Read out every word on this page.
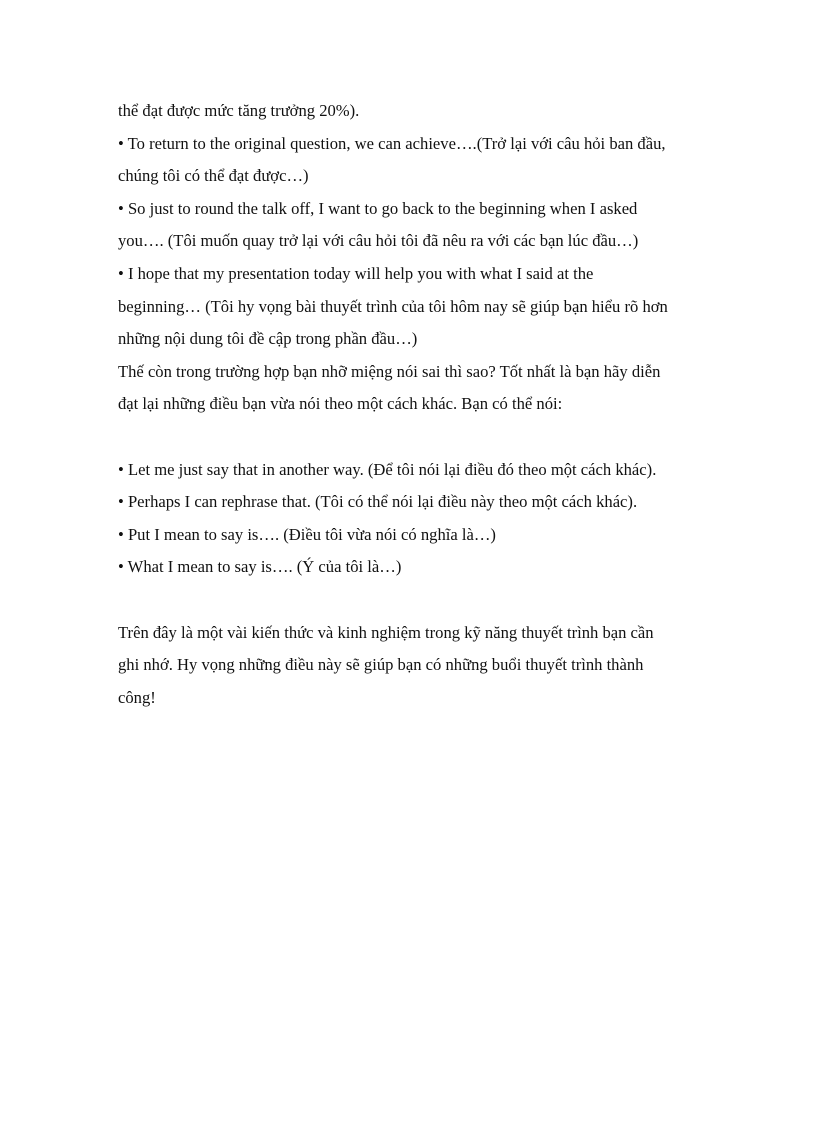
thể đạt được mức tăng trưởng 20%).
• To return to the original question, we can achieve….(Trở lại với câu hỏi ban đầu,
chúng tôi có thể đạt được…)
• So just to round the talk off, I want to go back to the beginning when I asked
you…. (Tôi muốn quay trở lại với câu hỏi tôi đã nêu ra với các bạn lúc đầu…)
• I hope that my presentation today will help you with what I said at the
beginning… (Tôi hy vọng bài thuyết trình của tôi hôm nay sẽ giúp bạn hiểu rõ hơn
những nội dung tôi đề cập trong phần đầu…)
Thế còn trong trường hợp bạn nhỡ miệng nói sai thì sao? Tốt nhất là bạn hãy diễn
đạt lại những điều bạn vừa nói theo một cách khác. Bạn có thể nói:
• Let me just say that in another way. (Để tôi nói lại điều đó theo một cách khác).
• Perhaps I can rephrase that. (Tôi có thể nói lại điều này theo một cách khác).
• Put I mean to say is…. (Điều tôi vừa nói có nghĩa là…)
• What I mean to say is…. (Ý của tôi là…)
Trên đây là một vài kiến thức và kinh nghiệm trong kỹ năng thuyết trình bạn cần
ghi nhớ. Hy vọng những điều này sẽ giúp bạn có những buổi thuyết trình thành
công!
